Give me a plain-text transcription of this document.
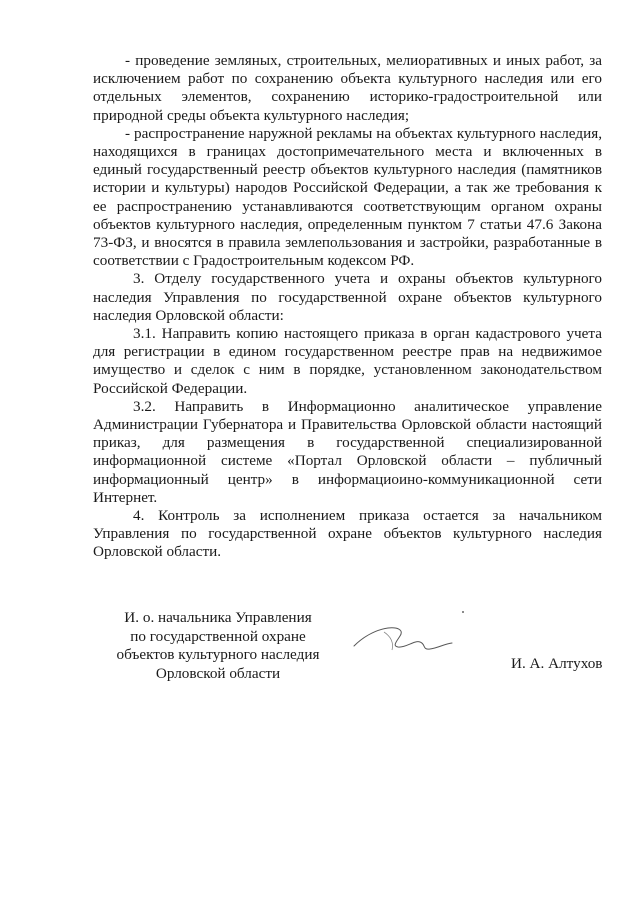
- проведение земляных, строительных, мелиоративных и иных работ, за исключением работ по сохранению объекта культурного наследия или его отдельных элементов, сохранению историко-градостроительной или природной среды объекта культурного наследия;

- распространение наружной рекламы на объектах культурного наследия, находящихся в границах достопримечательного места и включенных в единый государственный реестр объектов культурного наследия (памятников истории и культуры) народов Российской Федерации, а так же требования к ее распространению устанавливаются соответствующим органом охраны объектов культурного наследия, определенным пунктом 7 статьи 47.6 Закона 73-ФЗ, и вносятся в правила землепользования и застройки, разработанные в соответствии с Градостроительным кодексом РФ.

3. Отделу государственного учета и охраны объектов культурного наследия Управления по государственной охране объектов культурного наследия Орловской области:

3.1. Направить копию настоящего приказа в орган кадастрового учета для регистрации в едином государственном реестре прав на недвижимое имущество и сделок с ним в порядке, установленном законодательством Российской Федерации.

3.2. Направить в Информационно аналитическое управление Администрации Губернатора и Правительства Орловской области настоящий приказ, для размещения в государственной специализированной информационной системе «Портал Орловской области – публичный информационный центр» в информациоино-коммуникационной сети Интернет.

4. Контроль за исполнением приказа остается за начальником Управления по государственной охране объектов культурного наследия Орловской области.

И. о. начальника Управления
по государственной охране
объектов культурного наследия
Орловской области
И. А. Алтухов
